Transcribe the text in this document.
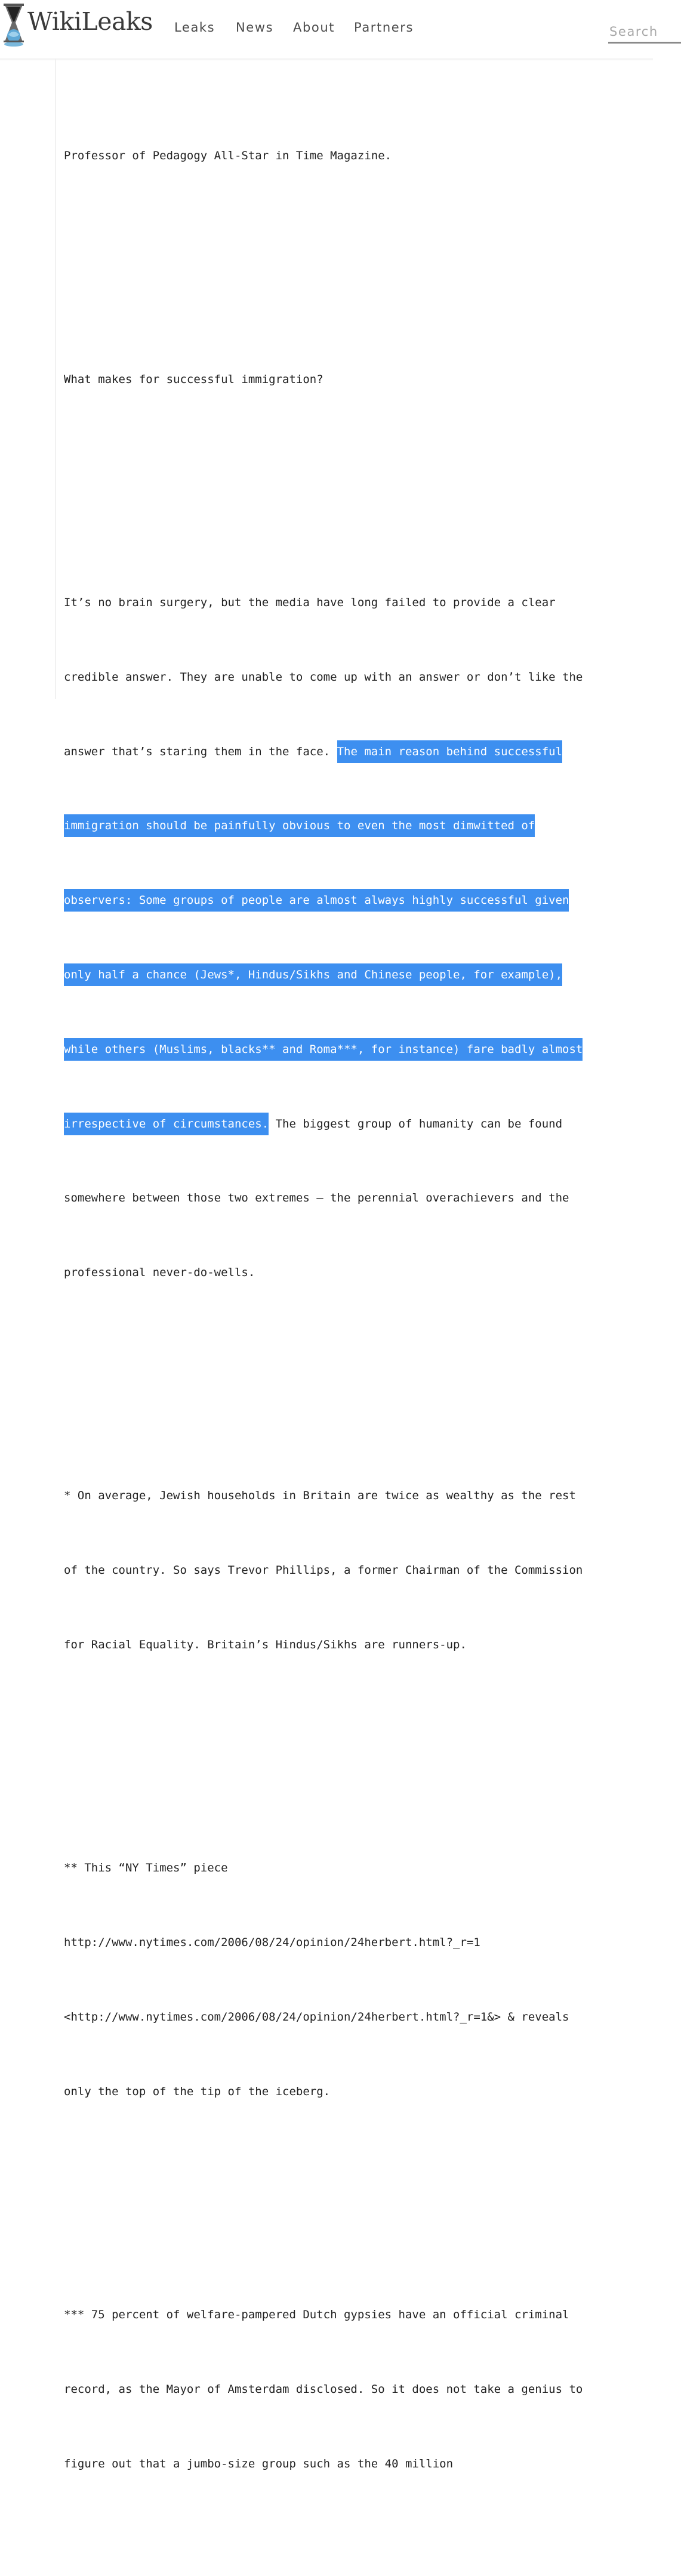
WikiLeaks Leaks News About Partners
Search

Professor of Pedagogy All-Star in Time Magazine.

What makes for successful immigration?

It’s no brain surgery, but the media have long failed to provide a clear

credible answer. They are unable to come up with an answer or don’t like the

answer that’s staring them in the face. The main reason behind successful

immigration should be painfully obvious to even the most dimwitted of

observers: Some groups of people are almost always highly successful given

only half a chance (Jews*, Hindus/Sikhs and Chinese people, for example),

while others (Muslims, blacks** and Roma***, for instance) fare badly almost

irrespective of circumstances. The biggest group of humanity can be found

somewhere between those two extremes – the perennial overachievers and the

professional never-do-wells.

* On average, Jewish households in Britain are twice as wealthy as the rest

of the country. So says Trevor Phillips, a former Chairman of the Commission

for Racial Equality. Britain’s Hindus/Sikhs are runners-up.

** This “NY Times” piece

http://www.nytimes.com/2006/08/24/opinion/24herbert.html?_r=1

<http://www.nytimes.com/2006/08/24/opinion/24herbert.html?_r=1&> & reveals

only the top of the tip of the iceberg.

*** 75 percent of welfare-pampered Dutch gypsies have an official criminal

record, as the Mayor of Amsterdam disclosed. So it does not take a genius to

figure out that a jumbo-size group such as the 40 million
